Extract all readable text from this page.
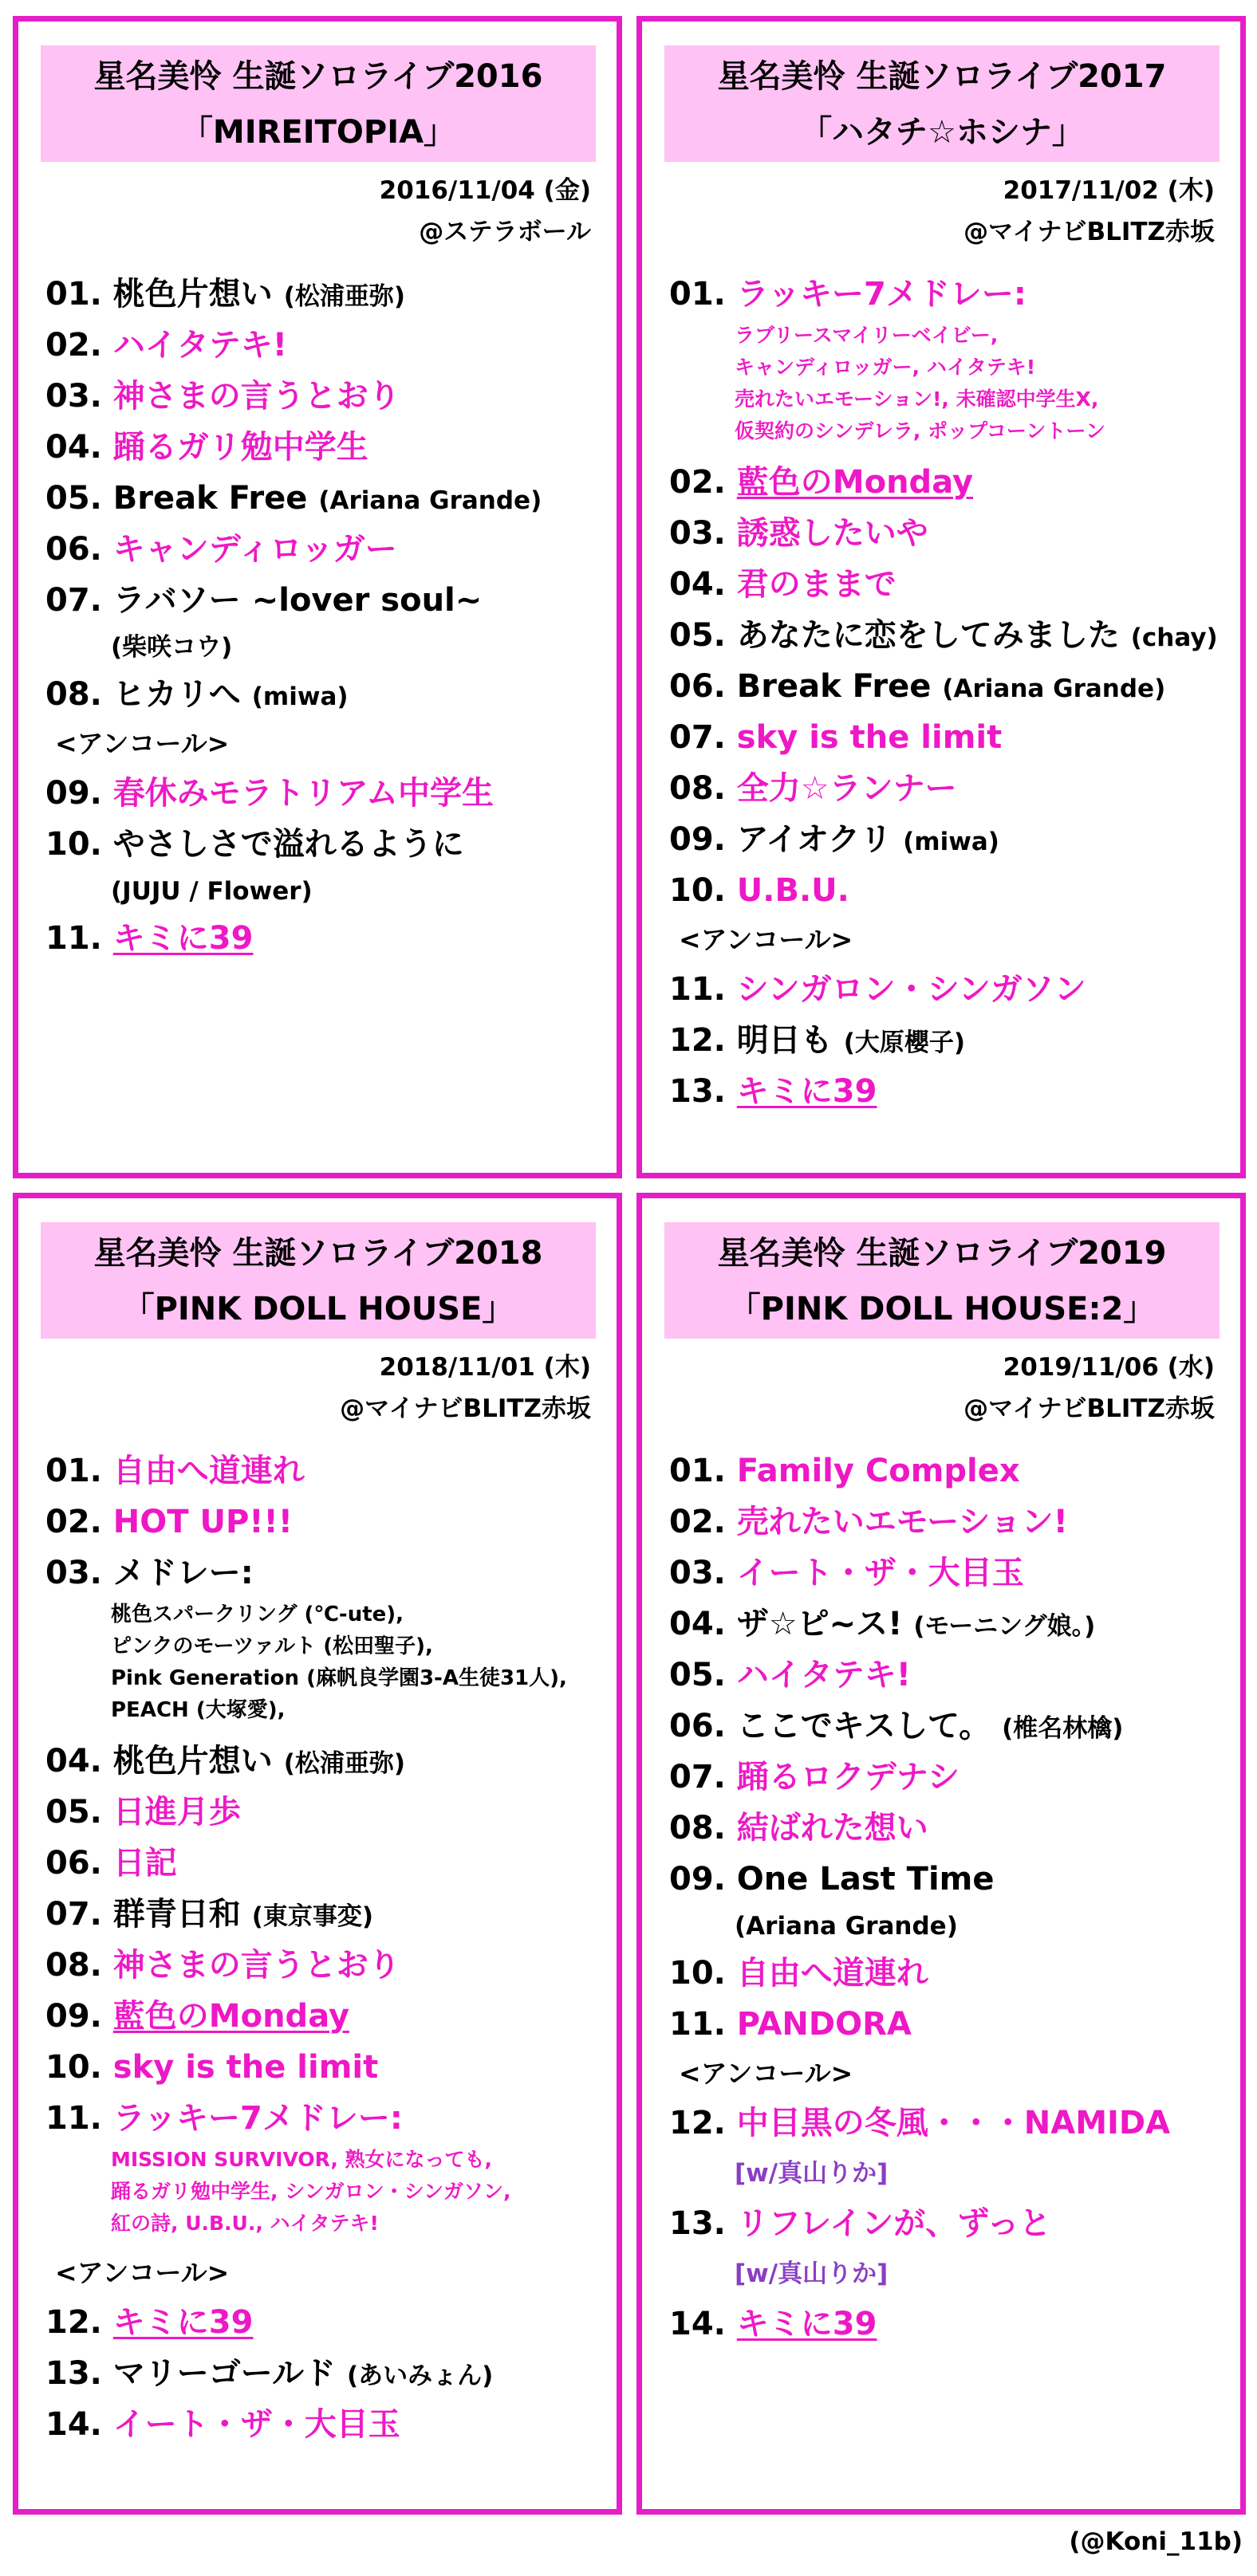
星名美怜 生誕ソロライブ2016
「MIREITOPIA」
2016/11/04 (金)
@ステラボール
01. 桃色片想い (松浦亜弥)
02. ハイタテキ!
03. 神さまの言うとおり
04. 踊るガリ勉中学生
05. Break Free (Ariana Grande)
06. キャンディロッガー
07. ラバソー ~lover soul~
(柴咲コウ)
08. ヒカリへ (miwa)
<アンコール>
09. 春休みモラトリアム中学生
10. やさしさで溢れるように
(JUJU / Flower)
11. キミに39
星名美怜 生誕ソロライブ2017
「ハタチ☆ホシナ」
2017/11/02 (木)
@マイナビBLITZ赤坂
01. ラッキー7メドレー:
ラブリースマイリーベイビー,
キャンディロッガー, ハイタテキ!
売れたいエモーション!, 未確認中学生X,
仮契約のシンデレラ, ポップコーントーン
02. 藍色のMonday
03. 誘惑したいや
04. 君のままで
05. あなたに恋をしてみました (chay)
06. Break Free (Ariana Grande)
07. sky is the limit
08. 全力☆ランナー
09. アイオクリ (miwa)
10. U.B.U.
<アンコール>
11. シンガロン・シンガソン
12. 明日も (大原櫻子)
13. キミに39
星名美怜 生誕ソロライブ2018
「PINK DOLL HOUSE」
2018/11/01 (木)
@マイナビBLITZ赤坂
01. 自由へ道連れ
02. HOT UP!!!
03. メドレー:
桃色スパークリング (℃-ute),
ピンクのモーツァルト (松田聖子),
Pink Generation (麻帆良学園3-A生徒31人),
PEACH (大塚愛),
04. 桃色片想い (松浦亜弥)
05. 日進月歩
06. 日記
07. 群青日和 (東京事変)
08. 神さまの言うとおり
09. 藍色のMonday
10. sky is the limit
11. ラッキー7メドレー:
MISSION SURVIVOR, 熟女になっても,
踊るガリ勉中学生, シンガロン・シンガソン,
紅の詩, U.B.U., ハイタテキ!
<アンコール>
12. キミに39
13. マリーゴールド (あいみょん)
14. イート・ザ・大目玉
星名美怜 生誕ソロライブ2019
「PINK DOLL HOUSE:2」
2019/11/06 (水)
@マイナビBLITZ赤坂
01. Family Complex
02. 売れたいエモーション!
03. イート・ザ・大目玉
04. ザ☆ピ~ス! (モーニング娘。)
05. ハイタテキ!
06. ここでキスして。 (椎名林檎)
07. 踊るロクデナシ
08. 結ばれた想い
09. One Last Time
(Ariana Grande)
10. 自由へ道連れ
11. PANDORA
<アンコール>
12. 中目黒の冬風・・・NAMIDA
[w/真山りか]
13. リフレインが、ずっと
[w/真山りか]
14. キミに39
(@Koni_11b)
